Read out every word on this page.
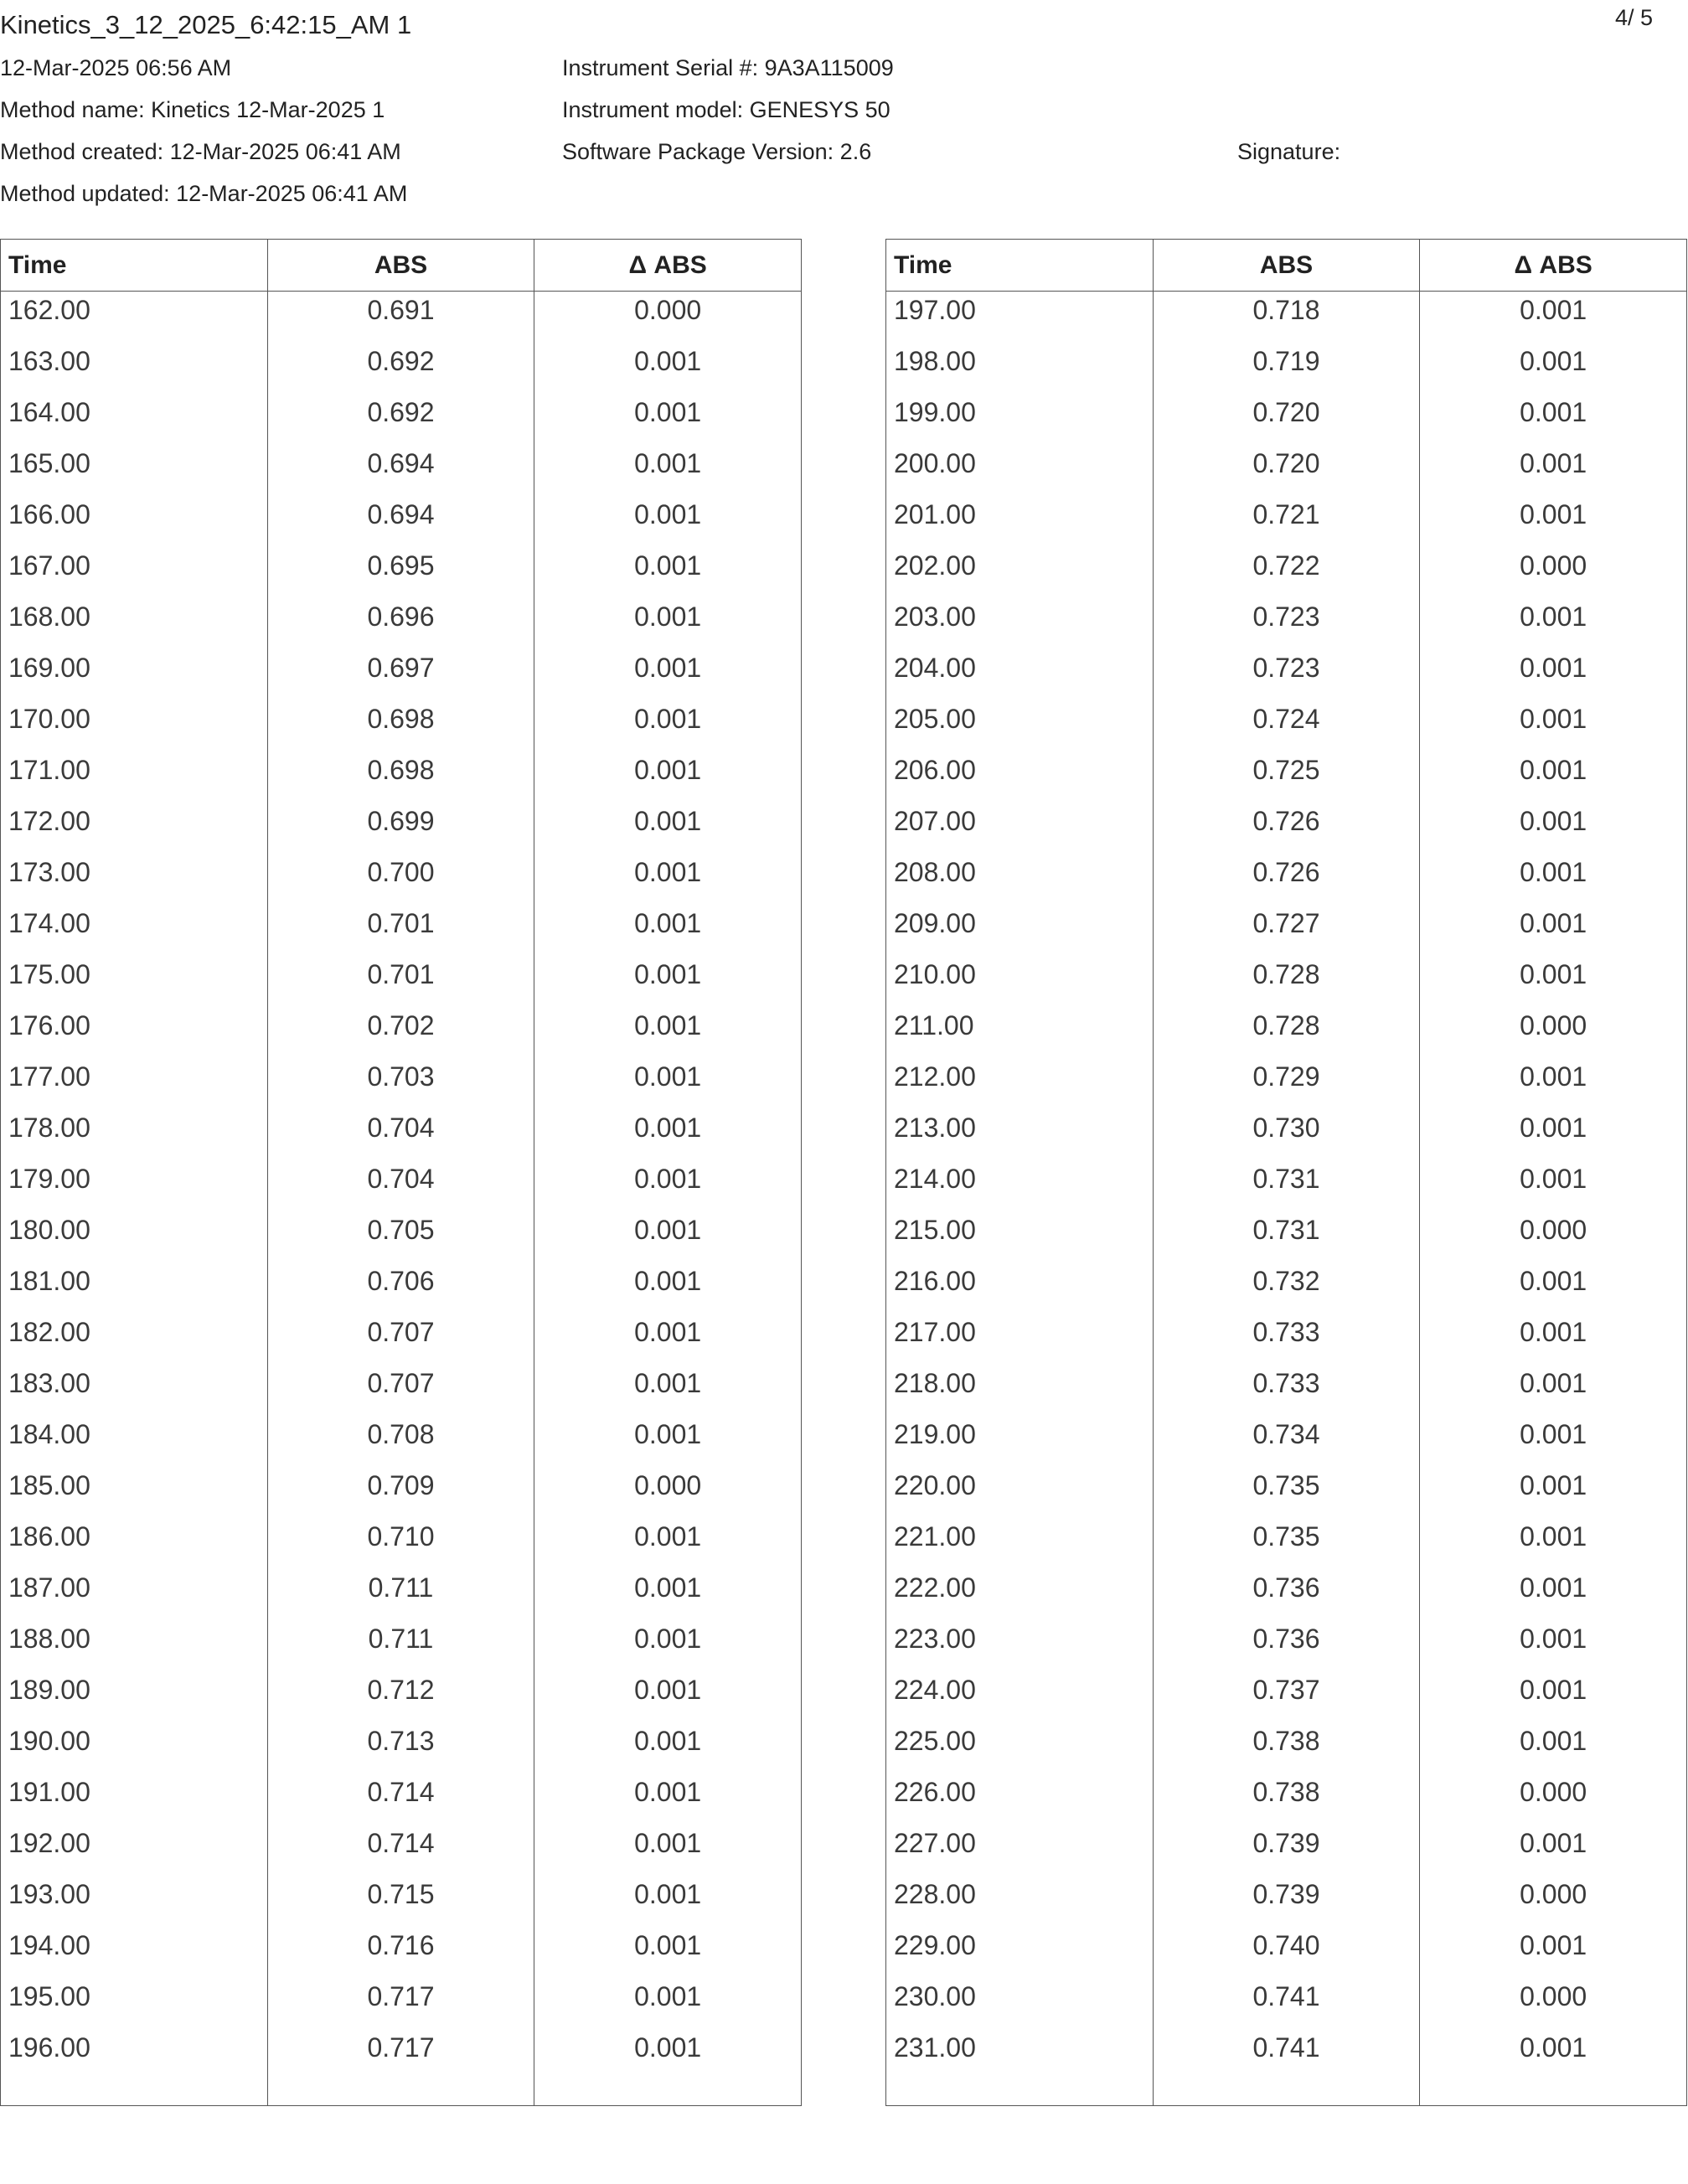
Kinetics_3_12_2025_6:42:15_AM 1	4/ 5
12-Mar-2025 06:56 AM
Method name: Kinetics 12-Mar-2025 1
Method created: 12-Mar-2025 06:41 AM
Method updated: 12-Mar-2025 06:41 AM
Instrument Serial #: 9A3A115009
Instrument model: GENESYS 50
Software Package Version: 2.6	Signature:
Time	ABS	Δ ABS
162.00	0.691	0.000
163.00	0.692	0.001
164.00	0.692	0.001
165.00	0.694	0.001
166.00	0.694	0.001
167.00	0.695	0.001
168.00	0.696	0.001
169.00	0.697	0.001
170.00	0.698	0.001
171.00	0.698	0.001
172.00	0.699	0.001
173.00	0.700	0.001
174.00	0.701	0.001
175.00	0.701	0.001
176.00	0.702	0.001
177.00	0.703	0.001
178.00	0.704	0.001
179.00	0.704	0.001
180.00	0.705	0.001
181.00	0.706	0.001
182.00	0.707	0.001
183.00	0.707	0.001
184.00	0.708	0.001
185.00	0.709	0.000
186.00	0.710	0.001
187.00	0.711	0.001
188.00	0.711	0.001
189.00	0.712	0.001
190.00	0.713	0.001
191.00	0.714	0.001
192.00	0.714	0.001
193.00	0.715	0.001
194.00	0.716	0.001
195.00	0.717	0.001
196.00	0.717	0.001

Time	ABS	Δ ABS
197.00	0.718	0.001
198.00	0.719	0.001
199.00	0.720	0.001
200.00	0.720	0.001
201.00	0.721	0.001
202.00	0.722	0.000
203.00	0.723	0.001
204.00	0.723	0.001
205.00	0.724	0.001
206.00	0.725	0.001
207.00	0.726	0.001
208.00	0.726	0.001
209.00	0.727	0.001
210.00	0.728	0.001
211.00	0.728	0.000
212.00	0.729	0.001
213.00	0.730	0.001
214.00	0.731	0.001
215.00	0.731	0.000
216.00	0.732	0.001
217.00	0.733	0.001
218.00	0.733	0.001
219.00	0.734	0.001
220.00	0.735	0.001
221.00	0.735	0.001
222.00	0.736	0.001
223.00	0.736	0.001
224.00	0.737	0.001
225.00	0.738	0.001
226.00	0.738	0.000
227.00	0.739	0.001
228.00	0.739	0.000
229.00	0.740	0.001
230.00	0.741	0.000
231.00	0.741	0.001
